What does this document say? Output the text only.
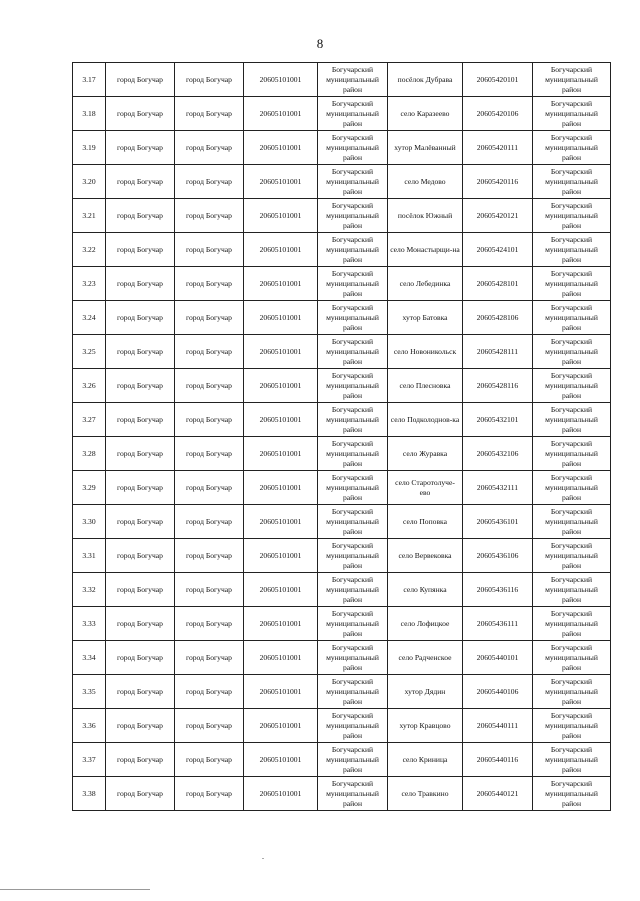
8
3.17	город Богучар	город Богучар	20605101001	Богучарский муниципальный район	посёлок Дубрава	20605420101	Богучарский муниципальный район
3.18	город Богучар	город Богучар	20605101001	Богучарский муниципальный район	село Каразеево	20605420106	Богучарский муниципальный район
3.19	город Богучар	город Богучар	20605101001	Богучарский муниципальный район	хутор Малёванный	20605420111	Богучарский муниципальный район
3.20	город Богучар	город Богучар	20605101001	Богучарский муниципальный район	село Медово	20605420116	Богучарский муниципальный район
3.21	город Богучар	город Богучар	20605101001	Богучарский муниципальный район	посёлок Южный	20605420121	Богучарский муниципальный район
3.22	город Богучар	город Богучар	20605101001	Богучарский муниципальный район	село Монастырщи-на	20605424101	Богучарский муниципальный район
3.23	город Богучар	город Богучар	20605101001	Богучарский муниципальный район	село Лебединка	20605428101	Богучарский муниципальный район
3.24	город Богучар	город Богучар	20605101001	Богучарский муниципальный район	хутор Батовка	20605428106	Богучарский муниципальный район
3.25	город Богучар	город Богучар	20605101001	Богучарский муниципальный район	село Новоникольск	20605428111	Богучарский муниципальный район
3.26	город Богучар	город Богучар	20605101001	Богучарский муниципальный район	село Плесновка	20605428116	Богучарский муниципальный район
3.27	город Богучар	город Богучар	20605101001	Богучарский муниципальный район	село Подколоднов-ка	20605432101	Богучарский муниципальный район
3.28	город Богучар	город Богучар	20605101001	Богучарский муниципальный район	село Журавка	20605432106	Богучарский муниципальный район
3.29	город Богучар	город Богучар	20605101001	Богучарский муниципальный район	село Старотолуче-ево	20605432111	Богучарский муниципальный район
3.30	город Богучар	город Богучар	20605101001	Богучарский муниципальный район	село Поповка	20605436101	Богучарский муниципальный район
3.31	город Богучар	город Богучар	20605101001	Богучарский муниципальный район	село Вервековка	20605436106	Богучарский муниципальный район
3.32	город Богучар	город Богучар	20605101001	Богучарский муниципальный район	село Купянка	20605436116	Богучарский муниципальный район
3.33	город Богучар	город Богучар	20605101001	Богучарский муниципальный район	село Лофицкое	20605436111	Богучарский муниципальный район
3.34	город Богучар	город Богучар	20605101001	Богучарский муниципальный район	село Радченское	20605440101	Богучарский муниципальный район
3.35	город Богучар	город Богучар	20605101001	Богучарский муниципальный район	хутор Дядин	20605440106	Богучарский муниципальный район
3.36	город Богучар	город Богучар	20605101001	Богучарский муниципальный район	хутор Кравцово	20605440111	Богучарский муниципальный район
3.37	город Богучар	город Богучар	20605101001	Богучарский муниципальный район	село Криница	20605440116	Богучарский муниципальный район
3.38	город Богучар	город Богучар	20605101001	Богучарский муниципальный район	село Травкино	20605440121	Богучарский муниципальный район
